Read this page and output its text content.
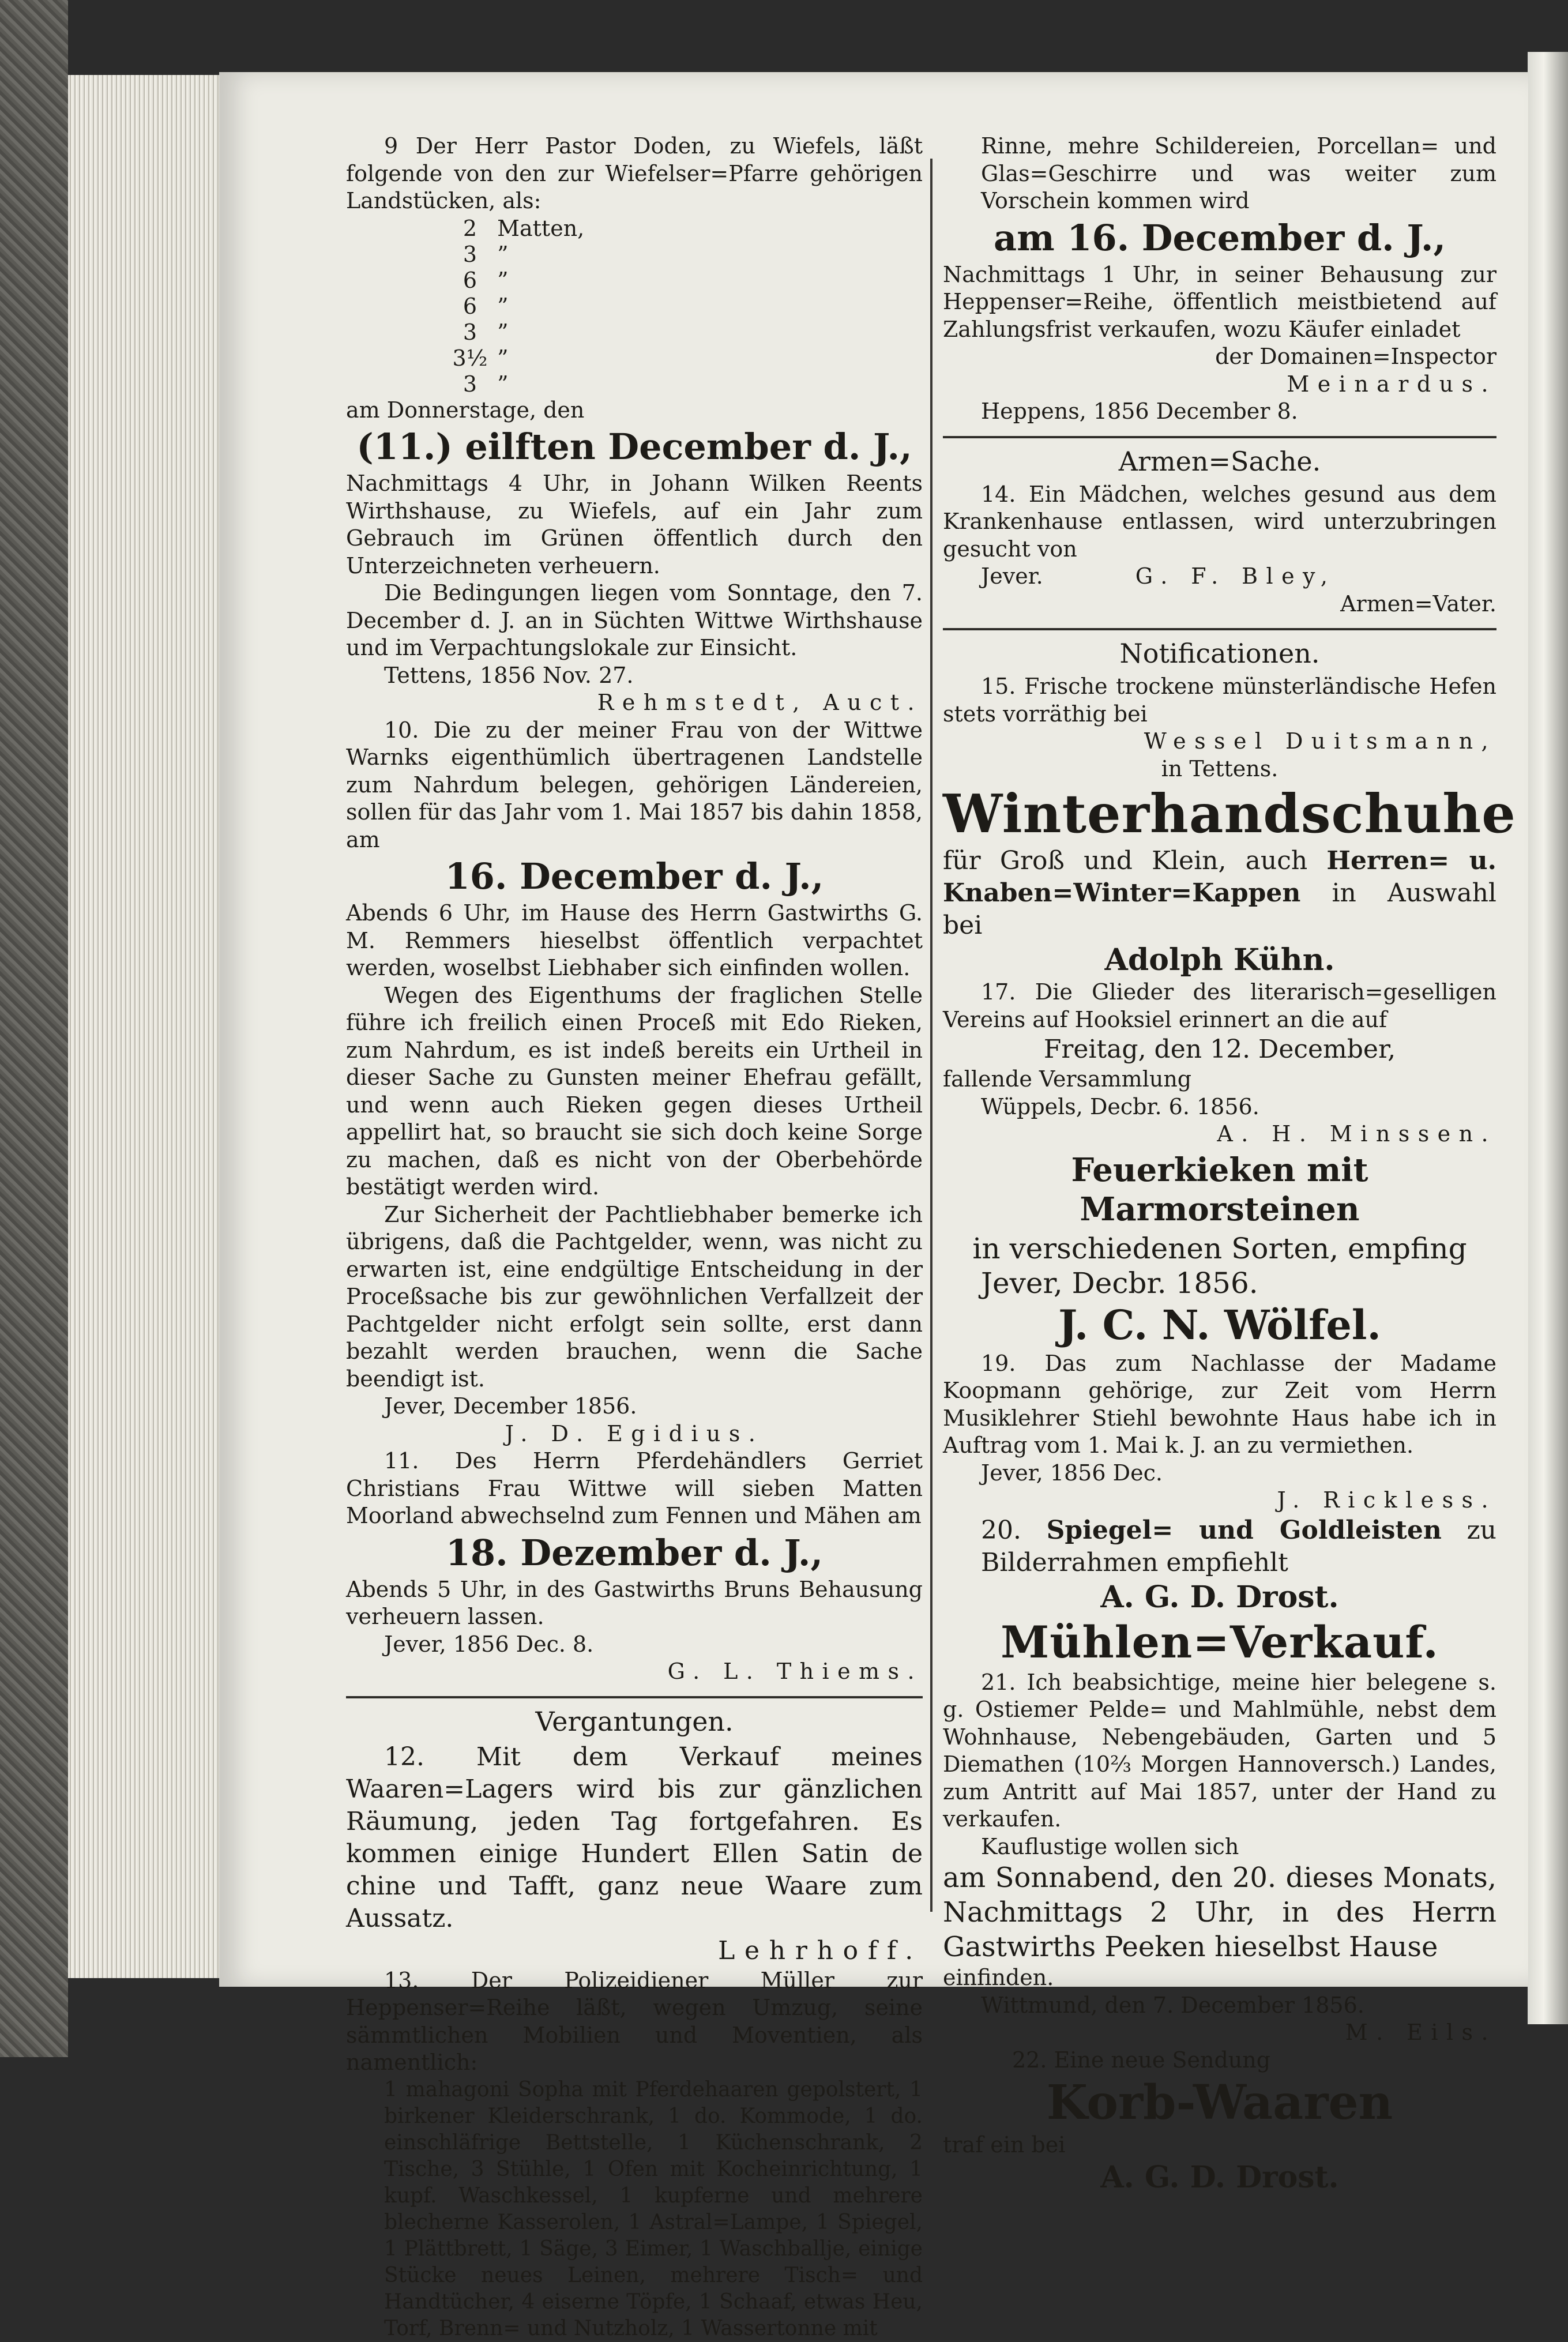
9 Der Herr Pastor Doden, zu Wiefels, läßt folgende von den zur Wiefelser=Pfarre gehörigen Landstücken, als:

2 Matten,
3 ”
6 ”
6 ”
3 ”
3½ ”
3 ”

am Donnerstage, den

(11.) eilften December d. J.,

Nachmittags 4 Uhr, in Johann Wilken Reents Wirthshause, zu Wiefels, auf ein Jahr zum Gebrauch im Grünen öffentlich durch den Unterzeichneten verheuern.

Die Bedingungen liegen vom Sonntage, den 7. December d. J. an in Süchten Wittwe Wirthshause und im Verpachtungslokale zur Einsicht.

Tettens, 1856 Nov. 27.

Rehmstedt, Auct.

10. Die zu der meiner Frau von der Wittwe Warnks eigenthümlich übertragenen Landstelle zum Nahrdum belegen, gehörigen Ländereien, sollen für das Jahr vom 1. Mai 1857 bis dahin 1858, am

16. December d. J.,

Abends 6 Uhr, im Hause des Herrn Gastwirths G. M. Remmers hieselbst öffentlich verpachtet werden, woselbst Liebhaber sich einfinden wollen.

Wegen des Eigenthums der fraglichen Stelle führe ich freilich einen Proceß mit Edo Rieken, zum Nahrdum, es ist indeß bereits ein Urtheil in dieser Sache zu Gunsten meiner Ehefrau gefällt, und wenn auch Rieken gegen dieses Urtheil appellirt hat, so braucht sie sich doch keine Sorge zu machen, daß es nicht von der Oberbehörde bestätigt werden wird.

Zur Sicherheit der Pachtliebhaber bemerke ich übrigens, daß die Pachtgelder, wenn, was nicht zu erwarten ist, eine endgültige Entscheidung in der Proceßsache bis zur gewöhnlichen Verfallzeit der Pachtgelder nicht erfolgt sein sollte, erst dann bezahlt werden brauchen, wenn die Sache beendigt ist.

Jever, December 1856.

J. D. Egidius.

11. Des Herrn Pferdehändlers Gerriet Christians Frau Wittwe will sieben Matten Moorland abwechselnd zum Fennen und Mähen am

18. Dezember d. J.,

Abends 5 Uhr, in des Gastwirths Bruns Behausung verheuern lassen.

Jever, 1856 Dec. 8.

G. L. Thiems.

Vergantungen.

12. Mit dem Verkauf meines Waaren=Lagers wird bis zur gänzlichen Räumung, jeden Tag fortgefahren. Es kommen einige Hundert Ellen Satin de chine und Tafft, ganz neue Waare zum Aussatz.

Lehrhoff.

13. Der Polizeidiener Müller zur Heppenser=Reihe läßt, wegen Umzug, seine sämmtlichen Mobilien und Moventien, als namentlich:

1 mahagoni Sopha mit Pferdehaaren gepolstert, 1 birkener Kleiderschrank, 1 do. Kommode, 1 do. einschläfrige Bettstelle, 1 Küchenschrank, 2 Tische, 3 Stühle, 1 Ofen mit Kocheinrichtung, 1 kupf. Waschkessel, 1 kupferne und mehrere blecherne Kasserolen, 1 Astral=Lampe, 1 Spiegel, 1 Plättbrett, 1 Säge, 3 Eimer, 1 Waschballje, einige Stücke neues Leinen, mehrere Tisch= und Handtücher, 4 eiserne Töpfe, 1 Schaaf, etwas Heu, Torf, Brenn= und Nutzholz, 1 Wassertonne mit

Rinne, mehre Schildereien, Porcellan= und Glas=Geschirre und was weiter zum Vorschein kommen wird

am 16. December d. J.,

Nachmittags 1 Uhr, in seiner Behausung zur Heppenser=Reihe, öffentlich meistbietend auf Zahlungsfrist verkaufen, wozu Käufer einladet

der Domainen=Inspector

Meinardus.

Heppens, 1856 December 8.

Armen=Sache.

14. Ein Mädchen, welches gesund aus dem Krankenhause entlassen, wird unterzubringen gesucht von

Jever.	G. F. Bley,

Armen=Vater.

Notificationen.

15. Frische trockene münsterländische Hefen stets vorräthig bei

Wessel Duitsmann,

in Tettens.

Winterhandschuhe

für Groß und Klein, auch Herren= u. Knaben=Winter=Kappen in Auswahl bei

Adolph Kühn.

17. Die Glieder des literarisch=geselligen Vereins auf Hooksiel erinnert an die auf

Freitag, den 12. December,

fallende Versammlung

Wüppels, Decbr. 6. 1856.

A. H. Minssen.

Feuerkieken mit Marmorsteinen

in verschiedenen Sorten, empfing

Jever, Decbr. 1856.

J. C. N. Wölfel.

19. Das zum Nachlasse der Madame Koopmann gehörige, zur Zeit vom Herrn Musiklehrer Stiehl bewohnte Haus habe ich in Auftrag vom 1. Mai k. J. an zu vermiethen.

Jever, 1856 Dec.

J. Rickless.

20. Spiegel= und Goldleisten zu Bilderrahmen empfiehlt

A. G. D. Drost.

Mühlen=Verkauf.

21. Ich beabsichtige, meine hier belegene s. g. Ostiemer Pelde= und Mahlmühle, nebst dem Wohnhause, Nebengebäuden, Garten und 5 Diemathen (10⅔ Morgen Hannoversch.) Landes, zum Antritt auf Mai 1857, unter der Hand zu verkaufen.

Kauflustige wollen sich

am Sonnabend, den 20. dieses Monats, Nachmittags 2 Uhr, in des Herrn Gastwirths Peeken hieselbst Hause

einfinden.

Wittmund, den 7. December 1856.

M. Eils.

22. Eine neue Sendung

Korb-Waaren

traf ein bei

A. G. D. Drost.
